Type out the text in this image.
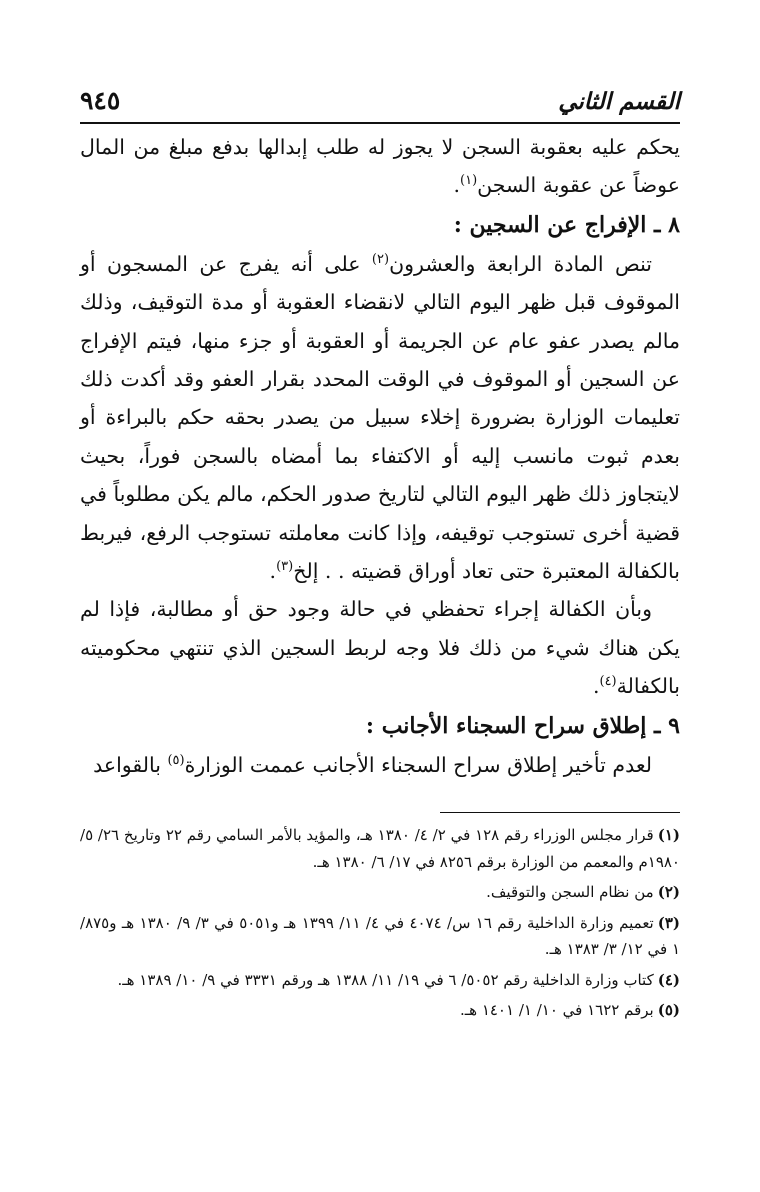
القسم الثاني
٩٤٥

يحكم عليه بعقوبة السجن لا يجوز له طلب إبدالها بدفع مبلغ من المال عوضاً عن عقوبة السجن$^{(١)}$.

٨ ـ الإفراج عن السجين :

تنص المادة الرابعة والعشرون$^{(٢)}$ على أنه يفرج عن المسجون أو الموقوف قبل ظهر اليوم التالي لانقضاء العقوبة أو مدة التوقيف، وذلك مالم يصدر عفو عام عن الجريمة أو العقوبة أو جزء منها، فيتم الإفراج عن السجين أو الموقوف في الوقت المحدد بقرار العفو وقد أكدت ذلك تعليمات الوزارة بضرورة إخلاء سبيل من يصدر بحقه حكم بالبراءة أو بعدم ثبوت مانسب إليه أو الاكتفاء بما أمضاه بالسجن فوراً، بحيث لايتجاوز ذلك ظهر اليوم التالي لتاريخ صدور الحكم، مالم يكن مطلوباً في قضية أخرى تستوجب توقيفه، وإذا كانت معاملته تستوجب الرفع، فيربط بالكفالة المعتبرة حتى تعاد أوراق قضيته . . إلخ$^{(٣)}$.

وبأن الكفالة إجراء تحفظي في حالة وجود حق أو مطالبة، فإذا لم يكن هناك شيء من ذلك فلا وجه لربط السجين الذي تنتهي محكوميته بالكفالة$^{(٤)}$.

٩ ـ إطلاق سراح السجناء الأجانب :

لعدم تأخير إطلاق سراح السجناء الأجانب عممت الوزارة$^{(٥)}$ بالقواعد

(١)قرار مجلس الوزراء رقم ١٢٨ في ٢/ ٤/ ١٣٨٠ هـ، والمؤيد بالأمر السامي رقم ٢٢ وتاريخ ٢٦/ ٥/ ١٩٨٠م والمعمم من الوزارة برقم ٨٢٥٦ في ١٧/ ٦/ ١٣٨٠ هـ.

(٢)من نظام السجن والتوقيف.

(٣)تعميم وزارة الداخلية رقم ١٦ س/ ٤٠٧٤ في ٤/ ١١/ ١٣٩٩ هـ و٥٠٥١ في ٣/ ٩/ ١٣٨٠ هـ و٨٧٥/ ١ في ١٢/ ٣/ ١٣٨٣ هـ.

(٤)كتاب وزارة الداخلية رقم ٥٠٥٢/ ٦ في ١٩/ ١١/ ١٣٨٨ هـ ورقم ٣٣٣١ في ٩/ ١٠/ ١٣٨٩ هـ.

(٥)برقم ١٦٢٢ في ١٠/ ١/ ١٤٠١ هـ.
